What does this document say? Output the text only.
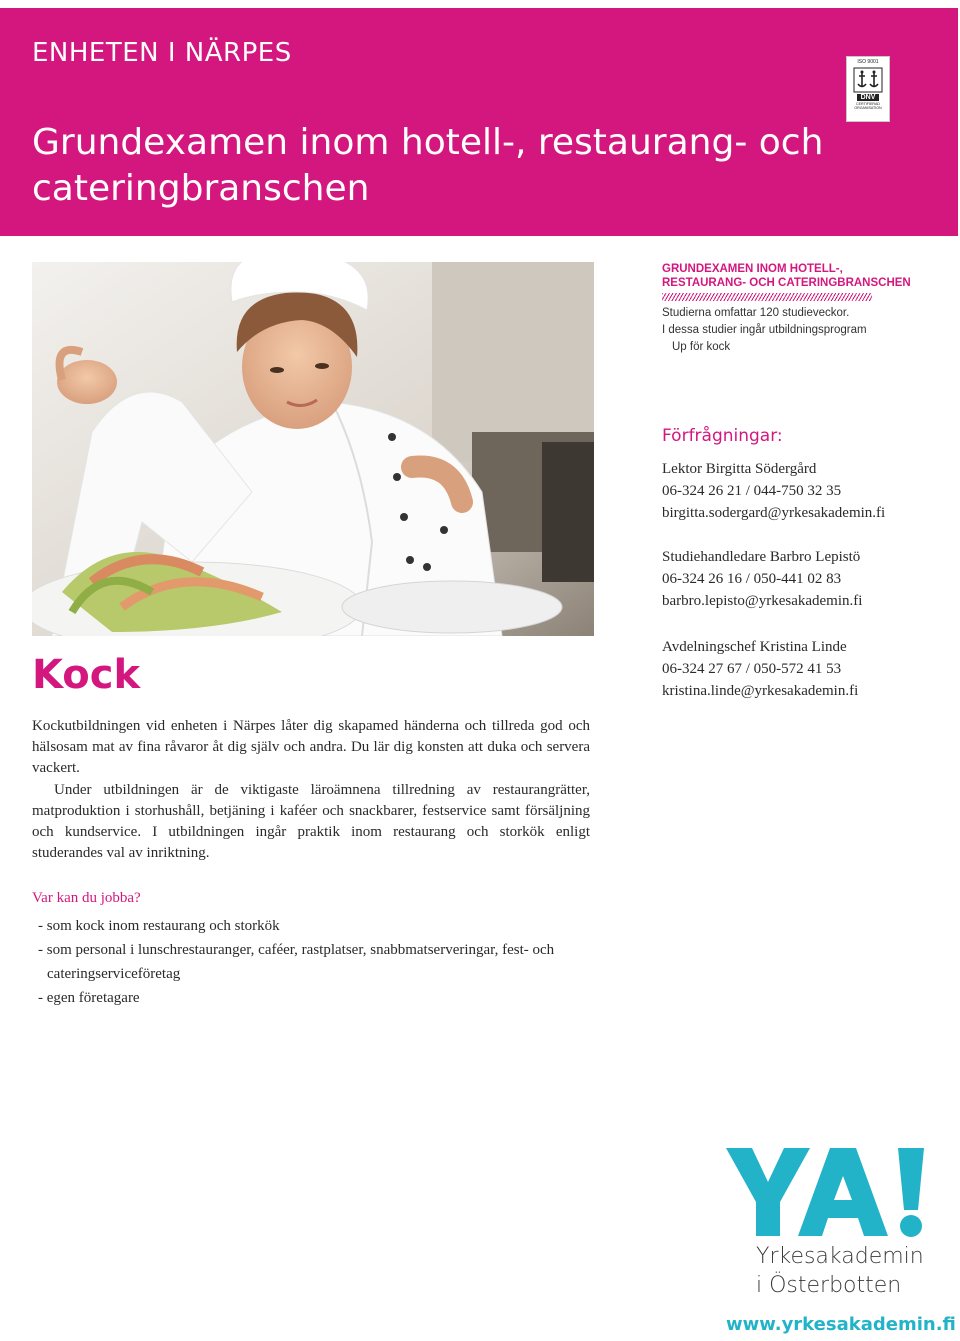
ENHETEN I NÄRPES
Grundexamen inom hotell-, restaurang- och cateringbranschen
ISO 9001
DNV
CERTIFIERAD ORGANISATION
GRUNDEXAMEN INOM HOTELL-,
RESTAURANG- OCH CATERINGBRANSCHEN
Studierna omfattar 120 studieveckor.
I dessa studier ingår utbildningsprogram
Up för kock
Förfrågningar:
Lektor Birgitta Södergård
06-324 26 21 / 044-750 32 35
birgitta.sodergard@yrkesakademin.fi
Studiehandledare Barbro Lepistö
06-324 26 16 / 050-441 02 83
barbro.lepisto@yrkesakademin.fi
Avdelningschef Kristina Linde
06-324 27 67 / 050-572 41 53
kristina.linde@yrkesakademin.fi
Kock

Kockutbildningen vid enheten i Närpes låter dig skapamed händerna och tillreda god och hälsosam mat av fina råvaror åt dig själv och andra. Du lär dig konsten att duka och servera vackert.

Under utbildningen är de viktigaste läroämnena tillredning av restaurangrätter, matproduktion i storhushåll, betjäning i kaféer och snackbarer, festservice samt försäljning och kundservice. I utbildningen ingår praktik inom restaurang och storkök enligt studerandes val av inriktning.

Var kan du jobba?
- som kock inom restaurang och storkök
- som personal i lunschrestauranger, caféer, rastplatser, snabbmatserveringar, fest- och cateringserviceföretag
- egen företagare
YA!
Yrkesakademin
i Österbotten
www.yrkesakademin.fi
